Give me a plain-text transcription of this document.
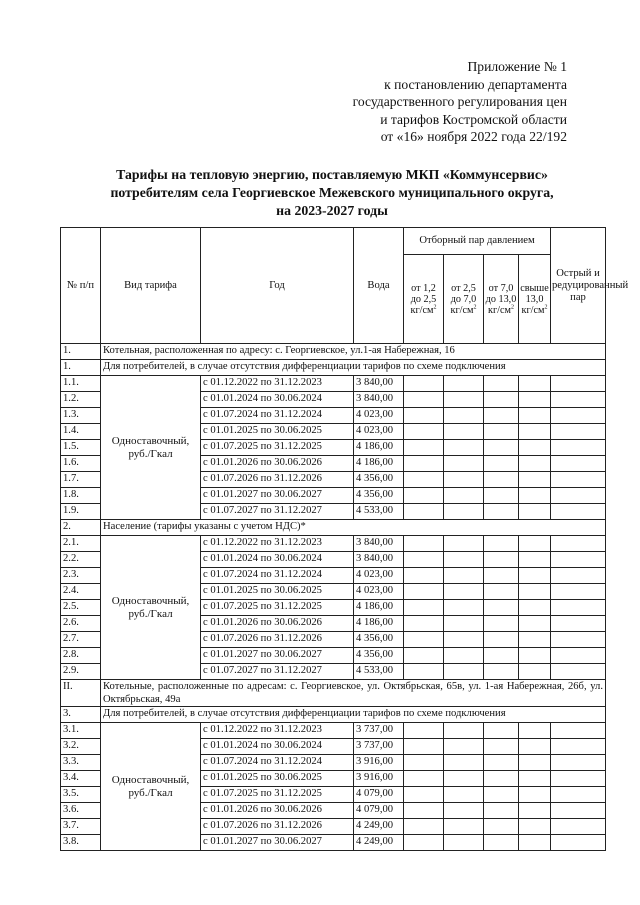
Приложение № 1
к постановлению департамента
государственного регулирования цен
и тарифов Костромской области
от «16» ноября 2022 года 22/192
Тарифы на тепловую энергию, поставляемую МКП «Коммунсервис»
потребителям села Георгиевское Межевского муниципального округа,
на 2023-2027 годы
№ п/п	Вид тарифа	Год	Вода	Отборный пар давлением				Острый и редуцированный пар
				от 1,2 до 2,5 $кг/см^2$	от 2,5 до 7,0 $кг/см^2$	от 7,0 до 13,0 $кг/см^2$	свыше 13,0 $кг/см^2$
1.	Котельная, расположенная по адресу: с. Георгиевское, ул.1-ая Набережная, 16							
1.	Для потребителей, в случае отсутствия дифференциации тарифов по схеме подключения							
1.1.	Одноставочный, руб./Гкал	с 01.12.2022 по 31.12.2023	3 840,00					
1.2.		с 01.01.2024 по 30.06.2024	3 840,00					
1.3.		с 01.07.2024 по 31.12.2024	4 023,00					
1.4.		с 01.01.2025 по 30.06.2025	4 023,00					
1.5.		с 01.07.2025 по 31.12.2025	4 186,00					
1.6.		с 01.01.2026 по 30.06.2026	4 186,00					
1.7.		с 01.07.2026 по 31.12.2026	4 356,00					
1.8.		с 01.01.2027 по 30.06.2027	4 356,00					
1.9.		с 01.07.2027 по 31.12.2027	4 533,00					
2.	Население (тарифы указаны с учетом НДС)*							
2.1.	Одноставочный, руб./Гкал	с 01.12.2022 по 31.12.2023	3 840,00					
2.2.		с 01.01.2024 по 30.06.2024	3 840,00					
2.3.		с 01.07.2024 по 31.12.2024	4 023,00					
2.4.		с 01.01.2025 по 30.06.2025	4 023,00					
2.5.		с 01.07.2025 по 31.12.2025	4 186,00					
2.6.		с 01.01.2026 по 30.06.2026	4 186,00					
2.7.		с 01.07.2026 по 31.12.2026	4 356,00					
2.8.		с 01.01.2027 по 30.06.2027	4 356,00					
2.9.		с 01.07.2027 по 31.12.2027	4 533,00					
II.	Котельные, расположенные по адресам: с. Георгиевское, ул. Октябрьская, 65в, ул. 1-ая Набережная, 26б, ул. Октябрьская, 49а							
3.	Для потребителей, в случае отсутствия дифференциации тарифов по схеме подключения							
3.1.	Одноставочный, руб./Гкал	с 01.12.2022 по 31.12.2023	3 737,00					
3.2.		с 01.01.2024 по 30.06.2024	3 737,00					
3.3.		с 01.07.2024 по 31.12.2024	3 916,00					
3.4.		с 01.01.2025 по 30.06.2025	3 916,00					
3.5.		с 01.07.2025 по 31.12.2025	4 079,00					
3.6.		с 01.01.2026 по 30.06.2026	4 079,00					
3.7.		с 01.07.2026 по 31.12.2026	4 249,00					
3.8.		с 01.01.2027 по 30.06.2027	4 249,00					
